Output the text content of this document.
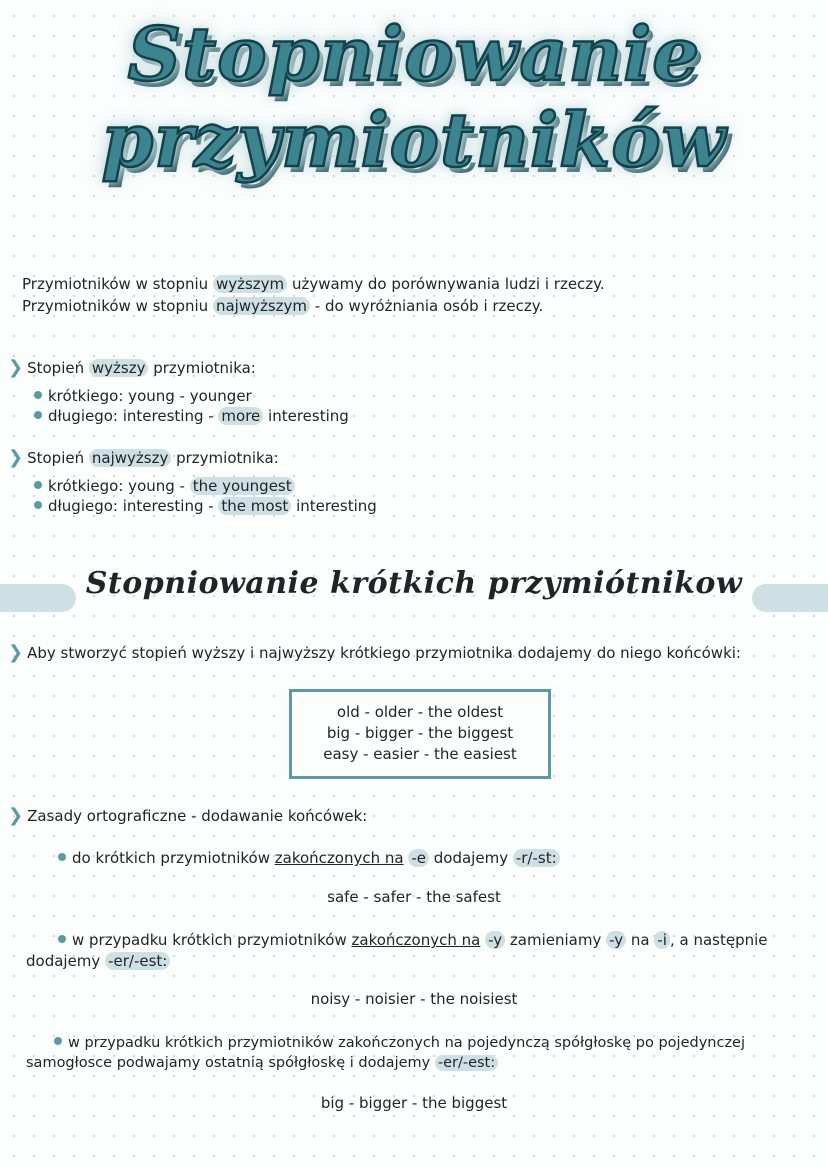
Stopniowanie
przymiotników
Przymiotników w stopniu wyższym używamy do porównywania ludzi i rzeczy.
Przymiotników w stopniu najwyższym - do wyróżniania osób i rzeczy.
❯ Stopień wyższy przymiotnika:
krótkiego: young - younger
długiego: interesting - more interesting
❯ Stopień najwyższy przymiotnika:
krótkiego: young - the youngest
długiego: interesting - the most interesting
Stopniowanie krótkich przymiótnikow
❯ Aby stworzyć stopień wyższy i najwyższy krótkiego przymiotnika dodajemy do niego końcówki:
old - older - the oldest
big - bigger - the biggest
easy - easier - the easiest
❯ Zasady ortograficzne - dodawanie końcówek:
do krótkich przymiotników zakończonych na -e dodajemy -r/-st:
safe - safer - the safest
w przypadku krótkich przymiotników zakończonych na -y zamieniamy -y na -i , a następnie
dodajemy -er/-est:
noisy - noisier - the noisiest
w przypadku krótkich przymiotników zakończonych na pojedynczą spółgłoskę po pojedynczej
samogłosce podwajamy ostatnią spółgłoskę i dodajemy -er/-est:
big - bigger - the biggest
